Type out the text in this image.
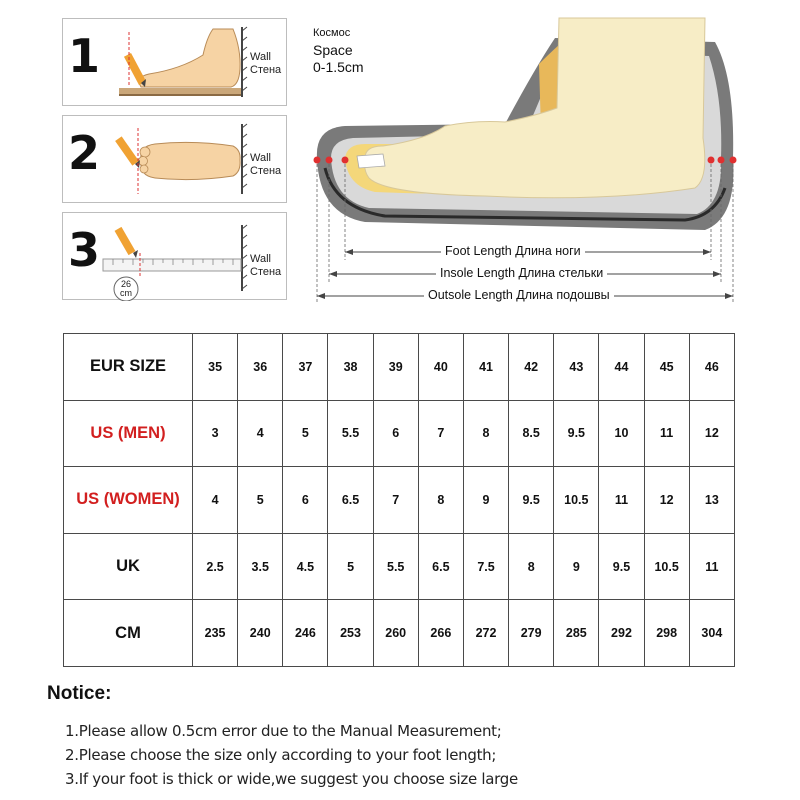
1	Wall
Стена
2	Wall
Стена
3
26 cm
Wall
Стена
Космос
Space
0-1.5cm
Foot Length Длина ноги
Insole Length Длина стельки
Outsole Length Длина подошвы
EUR SIZE	35	36	37	38	39	40	41	42	43	44	45	46
US (MEN)	3	4	5	5.5	6	7	8	8.5	9.5	10	11	12
US (WOMEN)	4	5	6	6.5	7	8	9	9.5	10.5	11	12	13
UK	2.5	3.5	4.5	5	5.5	6.5	7.5	8	9	9.5	10.5	11
CM	235	240	246	253	260	266	272	279	285	292	298	304
Notice:
1.Please allow 0.5cm error due to the Manual Measurement;
2.Please choose the size only according to your foot length;
3.If your foot is thick or wide,we suggest you choose size large
